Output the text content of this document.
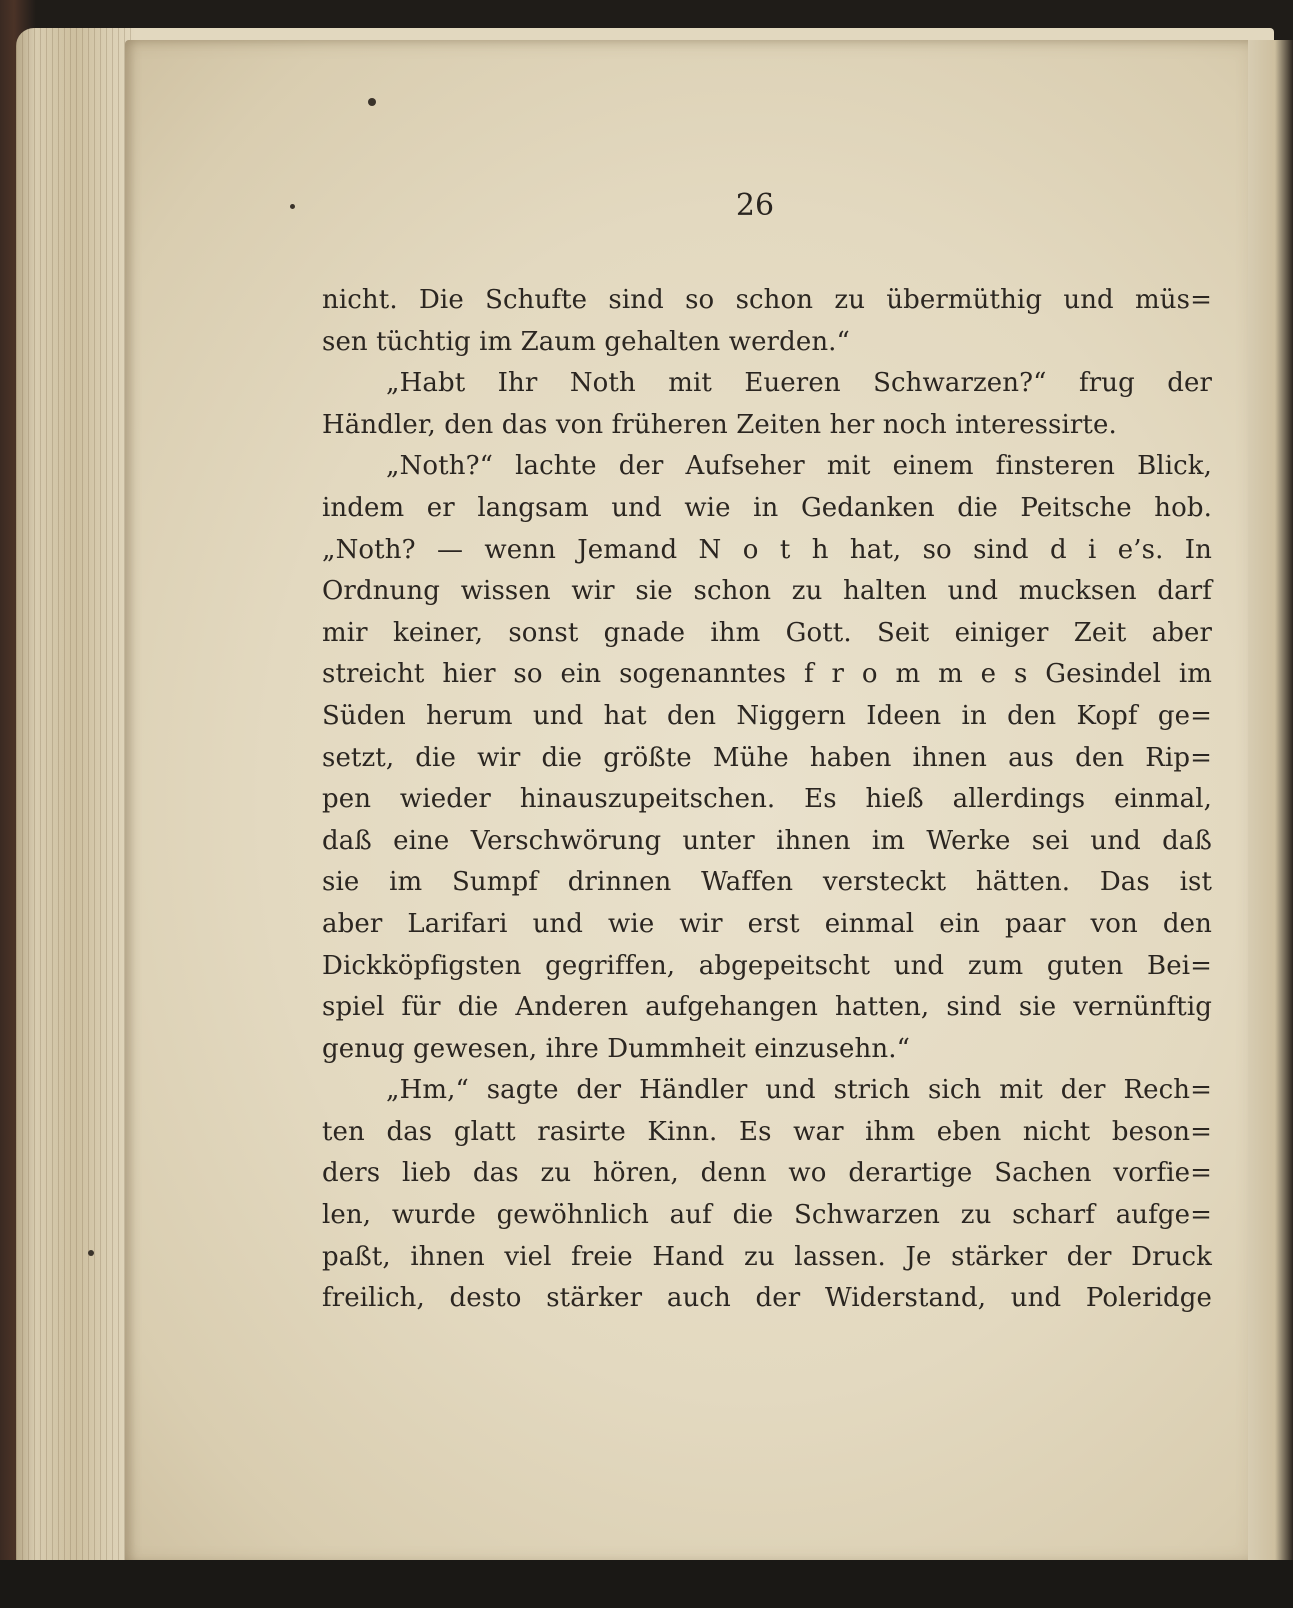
26

nicht. Die Schufte sind so schon zu übermüthig und müs=
sen tüchtig im Zaum gehalten werden.“
„Habt Ihr Noth mit Eueren Schwarzen?“ frug der
Händler, den das von früheren Zeiten her noch interessirte.
„Noth?“ lachte der Aufseher mit einem finsteren Blick,
indem er langsam und wie in Gedanken die Peitsche hob.
„Noth? — wenn Jemand N o t h hat, so sind d i e’s. In
Ordnung wissen wir sie schon zu halten und mucksen darf
mir keiner, sonst gnade ihm Gott. Seit einiger Zeit aber
streicht hier so ein sogenanntes f r o m m e s Gesindel im
Süden herum und hat den Niggern Ideen in den Kopf ge=
setzt, die wir die größte Mühe haben ihnen aus den Rip=
pen wieder hinauszupeitschen. Es hieß allerdings einmal,
daß eine Verschwörung unter ihnen im Werke sei und daß
sie im Sumpf drinnen Waffen versteckt hätten. Das ist
aber Larifari und wie wir erst einmal ein paar von den
Dickköpfigsten gegriffen, abgepeitscht und zum guten Bei=
spiel für die Anderen aufgehangen hatten, sind sie vernünftig
genug gewesen, ihre Dummheit einzusehn.“
„Hm,“ sagte der Händler und strich sich mit der Rech=
ten das glatt rasirte Kinn. Es war ihm eben nicht beson=
ders lieb das zu hören, denn wo derartige Sachen vorfie=
len, wurde gewöhnlich auf die Schwarzen zu scharf aufge=
paßt, ihnen viel freie Hand zu lassen. Je stärker der Druck
freilich, desto stärker auch der Widerstand, und Poleridge
